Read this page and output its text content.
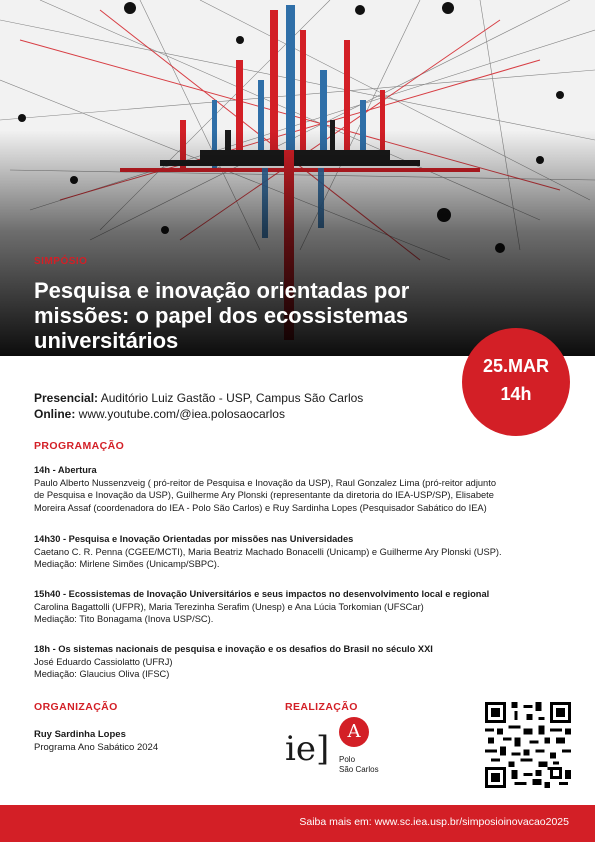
SIMPÓSIO
Pesquisa e inovação orientadas por missões: o papel dos ecossistemas universitários
25.MAR
14h
Presencial: Auditório Luiz Gastão - USP, Campus São Carlos
Online: www.youtube.com/@iea.polosaocarlos
PROGRAMAÇÃO
14h - Abertura
Paulo Alberto Nussenzveig ( pró-reitor de Pesquisa e Inovação da USP), Raul Gonzalez Lima (pró-reitor adjunto
de Pesquisa e Inovação da USP), Guilherme Ary Plonski (representante da diretoria do IEA-USP/SP), Elisabete
Moreira Assaf (coordenadora do IEA - Polo São Carlos) e Ruy Sardinha Lopes (Pesquisador Sabático do IEA)
14h30 - Pesquisa e Inovação Orientadas por missões nas Universidades
Caetano C. R. Penna (CGEE/MCTI), Maria Beatriz Machado Bonacelli (Unicamp) e Guilherme Ary Plonski (USP).
Mediação: Mirlene Simões (Unicamp/SBPC).
15h40 - Ecossistemas de Inovação Universitários e seus impactos no desenvolvimento local e regional
Carolina Bagattolli (UFPR), Maria Terezinha Serafim (Unesp) e Ana Lúcia Torkomian (UFSCar)
Mediação: Tito Bonagama (Inova USP/SC).
18h - Os sistemas nacionais de pesquisa e inovação e os desafios do Brasil no século XXI
José Eduardo Cassiolatto (UFRJ)
Mediação: Glaucius Oliva (IFSC)
ORGANIZAÇÃO
Ruy Sardinha Lopes
Programa Ano Sabático 2024
REALIZAÇÃO
ie]	A
Polo
São Carlos
Saiba mais em: www.sc.iea.usp.br/simposioinovacao2025
